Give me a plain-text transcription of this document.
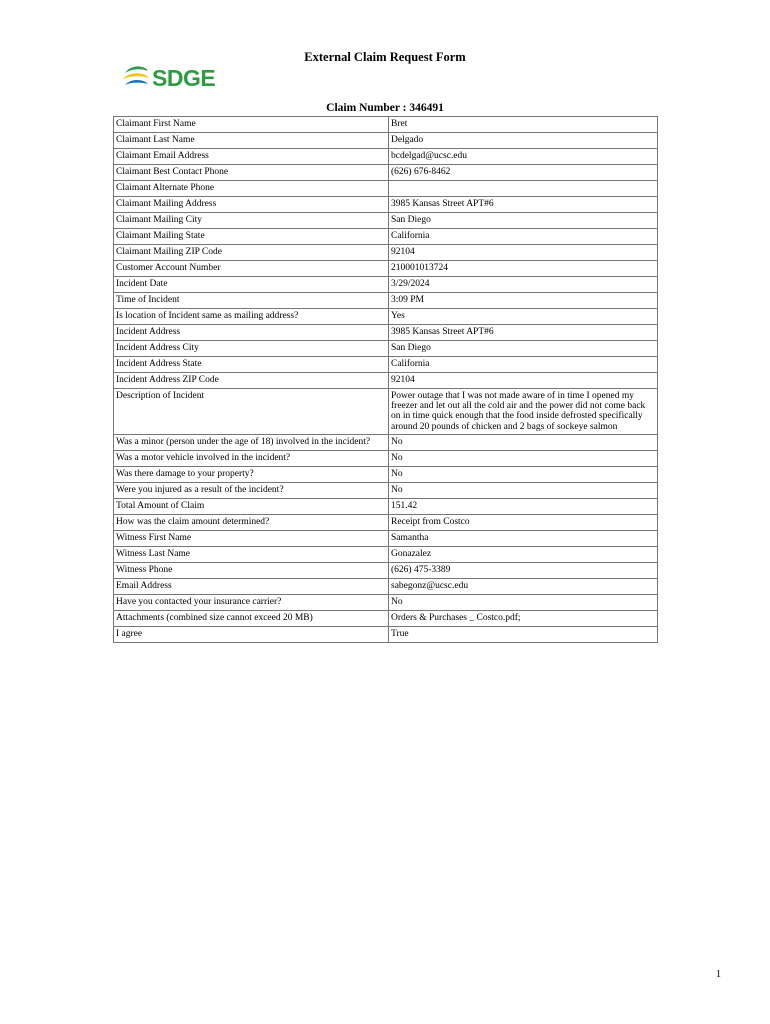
External Claim Request Form
SDGE
Claim Number : 346491
Claimant First Name	Bret
Claimant Last Name	Delgado
Claimant Email Address	bcdelgad@ucsc.edu
Claimant Best Contact Phone	(626) 676-8462
Claimant Alternate Phone	
Claimant Mailing Address	3985 Kansas Street APT#6
Claimant Mailing City	San Diego
Claimant Mailing State	California
Claimant Mailing ZIP Code	92104
Customer Account Number	210001013724
Incident Date	3/29/2024
Time of Incident	3:09 PM
Is location of Incident same as mailing address?	Yes
Incident Address	3985 Kansas Street APT#6
Incident Address City	San Diego
Incident Address State	California
Incident Address ZIP Code	92104
Description of Incident	Power outage that I was not made aware of in time I opened my freezer and let out all the cold air and the power did not come back on in time quick enough that the food inside defrosted specifically around 20 pounds of chicken and 2 bags of sockeye salmon
Was a minor (person under the age of 18) involved in the incident?	No
Was a motor vehicle involved in the incident?	No
Was there damage to your property?	No
Were you injured as a result of the incident?	No
Total Amount of Claim	151.42
How was the claim amount determined?	Receipt from Costco
Witness First Name	Samantha
Witness Last Name	Gonazalez
Witness Phone	(626) 475-3389
Email Address	sabegonz@ucsc.edu
Have you contacted your insurance carrier?	No
Attachments (combined size cannot exceed 20 MB)	Orders & Purchases _ Costco.pdf;
I agree	True
1
